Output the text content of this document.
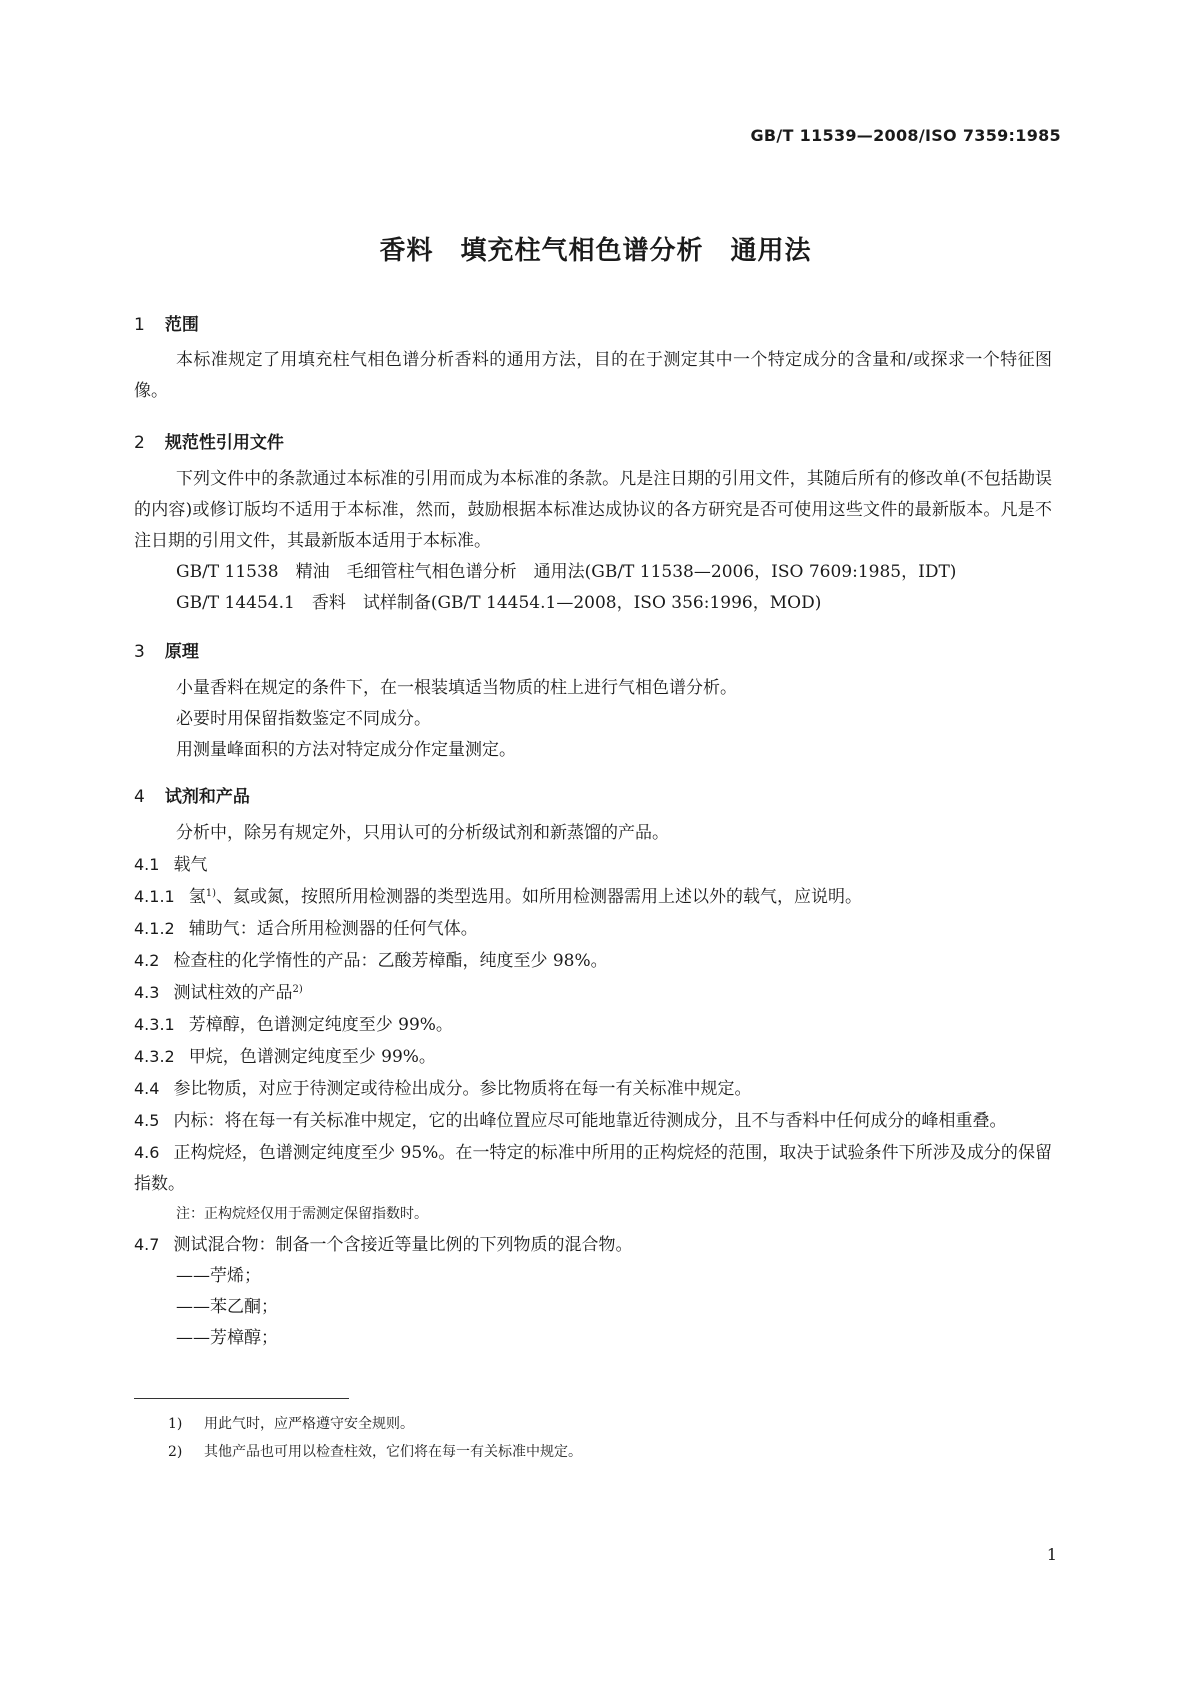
GB/T 11539—2008/ISO 7359:1985
香料　填充柱气相色谱分析　通用法
1 范围

本标准规定了用填充柱气相色谱分析香料的通用方法，目的在于测定其中一个特定成分的含量和/或探求一个特征图像。

2 规范性引用文件

下列文件中的条款通过本标准的引用而成为本标准的条款。凡是注日期的引用文件，其随后所有的修改单(不包括勘误的内容)或修订版均不适用于本标准，然而，鼓励根据本标准达成协议的各方研究是否可使用这些文件的最新版本。凡是不注日期的引用文件，其最新版本适用于本标准。

GB/T 11538　精油　毛细管柱气相色谱分析　通用法(GB/T 11538—2006，ISO 7609:1985，IDT)

GB/T 14454.1　香料　试样制备(GB/T 14454.1—2008，ISO 356:1996，MOD)

3 原理

小量香料在规定的条件下，在一根装填适当物质的柱上进行气相色谱分析。

必要时用保留指数鉴定不同成分。

用测量峰面积的方法对特定成分作定量测定。

4 试剂和产品

分析中，除另有规定外，只用认可的分析级试剂和新蒸馏的产品。

4.1 载气

4.1.1 氢$^{1)}$、氦或氮，按照所用检测器的类型选用。如所用检测器需用上述以外的载气，应说明。

4.1.2 辅助气：适合所用检测器的任何气体。

4.2 检查柱的化学惰性的产品：乙酸芳樟酯，纯度至少 98%。

4.3 测试柱效的产品$^{2)}$

4.3.1 芳樟醇，色谱测定纯度至少 99%。

4.3.2 甲烷，色谱测定纯度至少 99%。

4.4 参比物质，对应于待测定或待检出成分。参比物质将在每一有关标准中规定。

4.5 内标：将在每一有关标准中规定，它的出峰位置应尽可能地靠近待测成分，且不与香料中任何成分的峰相重叠。

4.6 正构烷烃，色谱测定纯度至少 95%。在一特定的标准中所用的正构烷烃的范围，取决于试验条件下所涉及成分的保留指数。

注：正构烷烃仅用于需测定保留指数时。

4.7 测试混合物：制备一个含接近等量比例的下列物质的混合物。

——苧烯；

——苯乙酮；

——芳樟醇；

1) 用此气时，应严格遵守安全规则。
2) 其他产品也可用以检查柱效，它们将在每一有关标准中规定。
1
